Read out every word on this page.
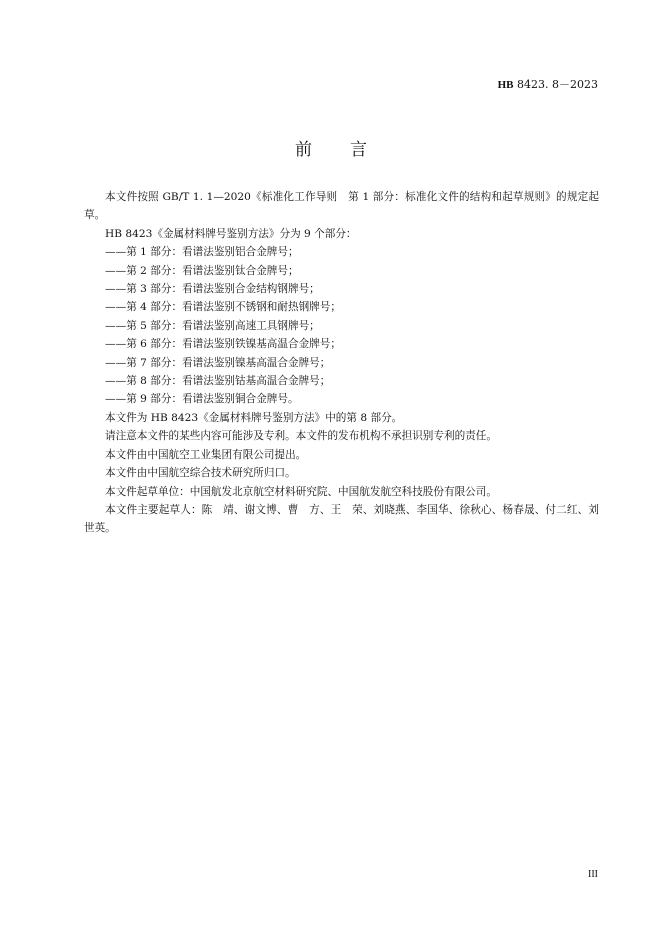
HB 8423. 8－2023
前言

本文件按照 GB/T 1. 1—2020《标准化工作导则　第 1 部分：标准化文件的结构和起草规则》的规定起草。

HB 8423《金属材料牌号鉴别方法》分为 9 个部分：

——第 1 部分：看谱法鉴别铝合金牌号；

——第 2 部分：看谱法鉴别钛合金牌号；

——第 3 部分：看谱法鉴别合金结构钢牌号；

——第 4 部分：看谱法鉴别不锈钢和耐热钢牌号；

——第 5 部分：看谱法鉴别高速工具钢牌号；

——第 6 部分：看谱法鉴别铁镍基高温合金牌号；

——第 7 部分：看谱法鉴别镍基高温合金牌号；

——第 8 部分：看谱法鉴别钴基高温合金牌号；

——第 9 部分：看谱法鉴别铜合金牌号。

本文件为 HB 8423《金属材料牌号鉴别方法》中的第 8 部分。

请注意本文件的某些内容可能涉及专利。本文件的发布机构不承担识别专利的责任。

本文件由中国航空工业集团有限公司提出。

本文件由中国航空综合技术研究所归口。

本文件起草单位：中国航发北京航空材料研究院、中国航发航空科技股份有限公司。

本文件主要起草人：陈　靖、谢文博、曹　方、王　荣、刘晓燕、李国华、徐秋心、杨春晟、付二红、刘世英。

III
